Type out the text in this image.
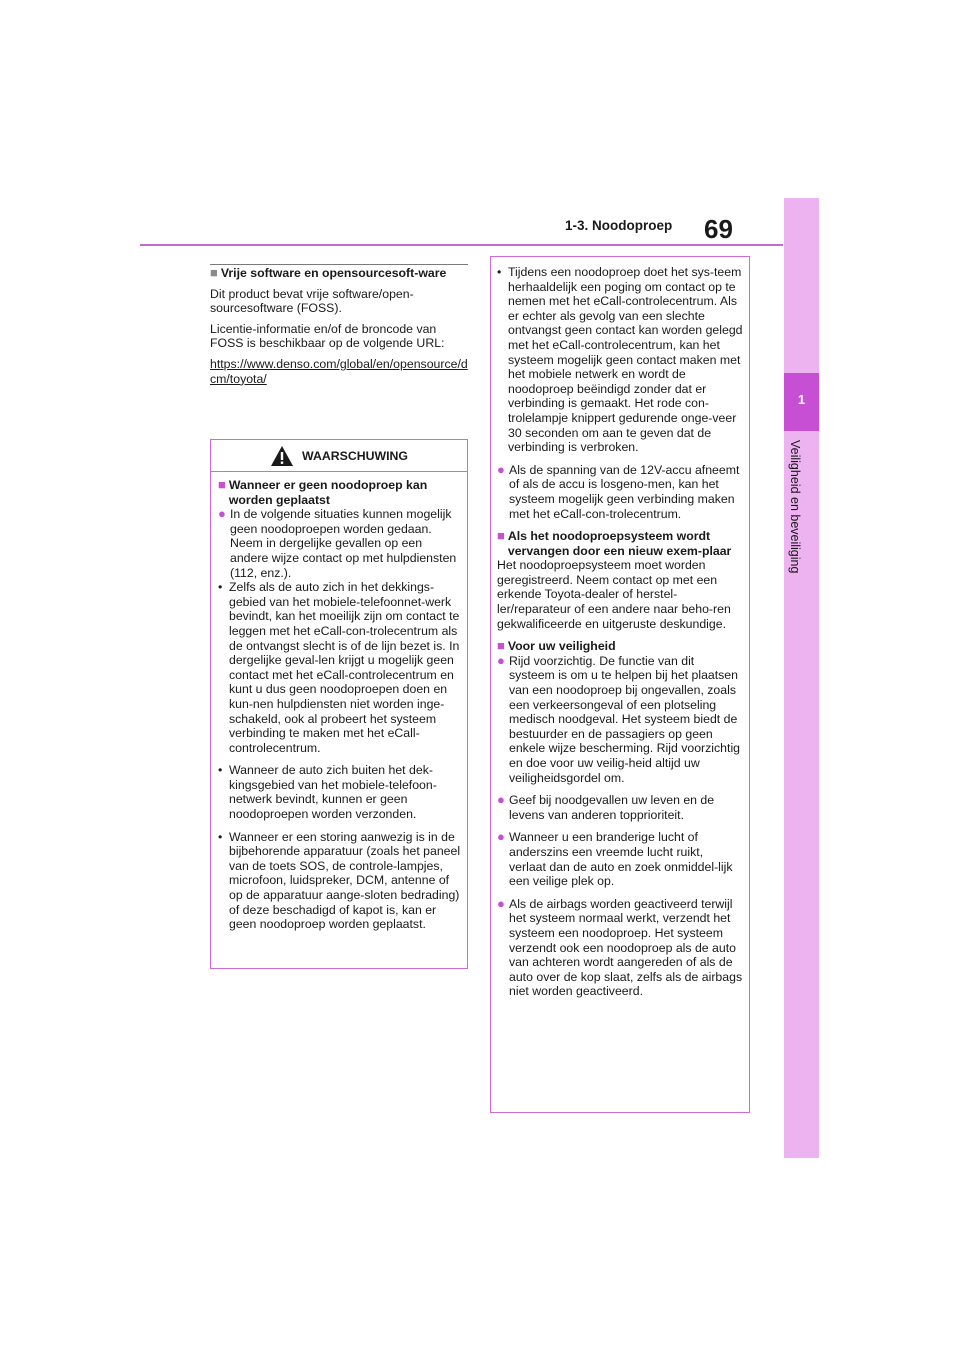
1-3. Noodoproep 69
1
Veiligheid en beveiliging
■ Vrije software en opensourcesoft-ware

Dit product bevat vrije software/open-sourcesoftware (FOSS).

Licentie-informatie en/of de broncode van FOSS is beschikbaar op de volgende URL:

https://www.denso.com/global/en/opensource/dcm/toyota/

WAARSCHUWING
■ Wanneer er geen noodoproep kan worden geplaatst
● In de volgende situaties kunnen mogelijk geen noodoproepen worden gedaan. Neem in dergelijke gevallen op een andere wijze contact op met hulpdiensten (112, enz.).
• Zelfs als de auto zich in het dekkings-gebied van het mobiele-telefoonnet-werk bevindt, kan het moeilijk zijn om contact te leggen met het eCall-con-trolecentrum als de ontvangst slecht is of de lijn bezet is. In dergelijke geval-len krijgt u mogelijk geen contact met het eCall-controlecentrum en kunt u dus geen noodoproepen doen en kun-nen hulpdiensten niet worden inge-schakeld, ook al probeert het systeem verbinding te maken met het eCall-controlecentrum.
• Wanneer de auto zich buiten het dek-kingsgebied van het mobiele-telefoon-netwerk bevindt, kunnen er geen noodoproepen worden verzonden.
• Wanneer er een storing aanwezig is in de bijbehorende apparatuur (zoals het paneel van de toets SOS, de controle-lampjes, microfoon, luidspreker, DCM, antenne of op de apparatuur aange-sloten bedrading) of deze beschadigd of kapot is, kan er geen noodoproep worden geplaatst.
• Tijdens een noodoproep doet het sys-teem herhaaldelijk een poging om contact op te nemen met het eCall-controlecentrum. Als er echter als gevolg van een slechte ontvangst geen contact kan worden gelegd met het eCall-controlecentrum, kan het systeem mogelijk geen contact maken met het mobiele netwerk en wordt de noodoproep beëindigd zonder dat er verbinding is gemaakt. Het rode con-trolelampje knippert gedurende onge-veer 30 seconden om aan te geven dat de verbinding is verbroken.
● Als de spanning van de 12V-accu afneemt of als de accu is losgeno-men, kan het systeem mogelijk geen verbinding maken met het eCall-con-trolecentrum.
■ Als het noodoproepsysteem wordt vervangen door een nieuw exem-plaar

Het noodoproepsysteem moet worden geregistreerd. Neem contact op met een erkende Toyota-dealer of herstel-ler/reparateur of een andere naar beho-ren gekwalificeerde en uitgeruste deskundige.

■ Voor uw veiligheid
● Rijd voorzichtig. De functie van dit systeem is om u te helpen bij het plaatsen van een noodoproep bij ongevallen, zoals een verkeersongeval of een plotseling medisch noodgeval. Het systeem biedt de bestuurder en de passagiers op geen enkele wijze bescherming. Rijd voorzichtig en doe voor uw veilig-heid altijd uw veiligheidsgordel om.
● Geef bij noodgevallen uw leven en de levens van anderen topprioriteit.
● Wanneer u een branderige lucht of anderszins een vreemde lucht ruikt, verlaat dan de auto en zoek onmiddel-lijk een veilige plek op.
● Als de airbags worden geactiveerd terwijl het systeem normaal werkt, verzendt het systeem een noodoproep. Het systeem verzendt ook een noodoproep als de auto van achteren wordt aangereden of als de auto over de kop slaat, zelfs als de airbags niet worden geactiveerd.
